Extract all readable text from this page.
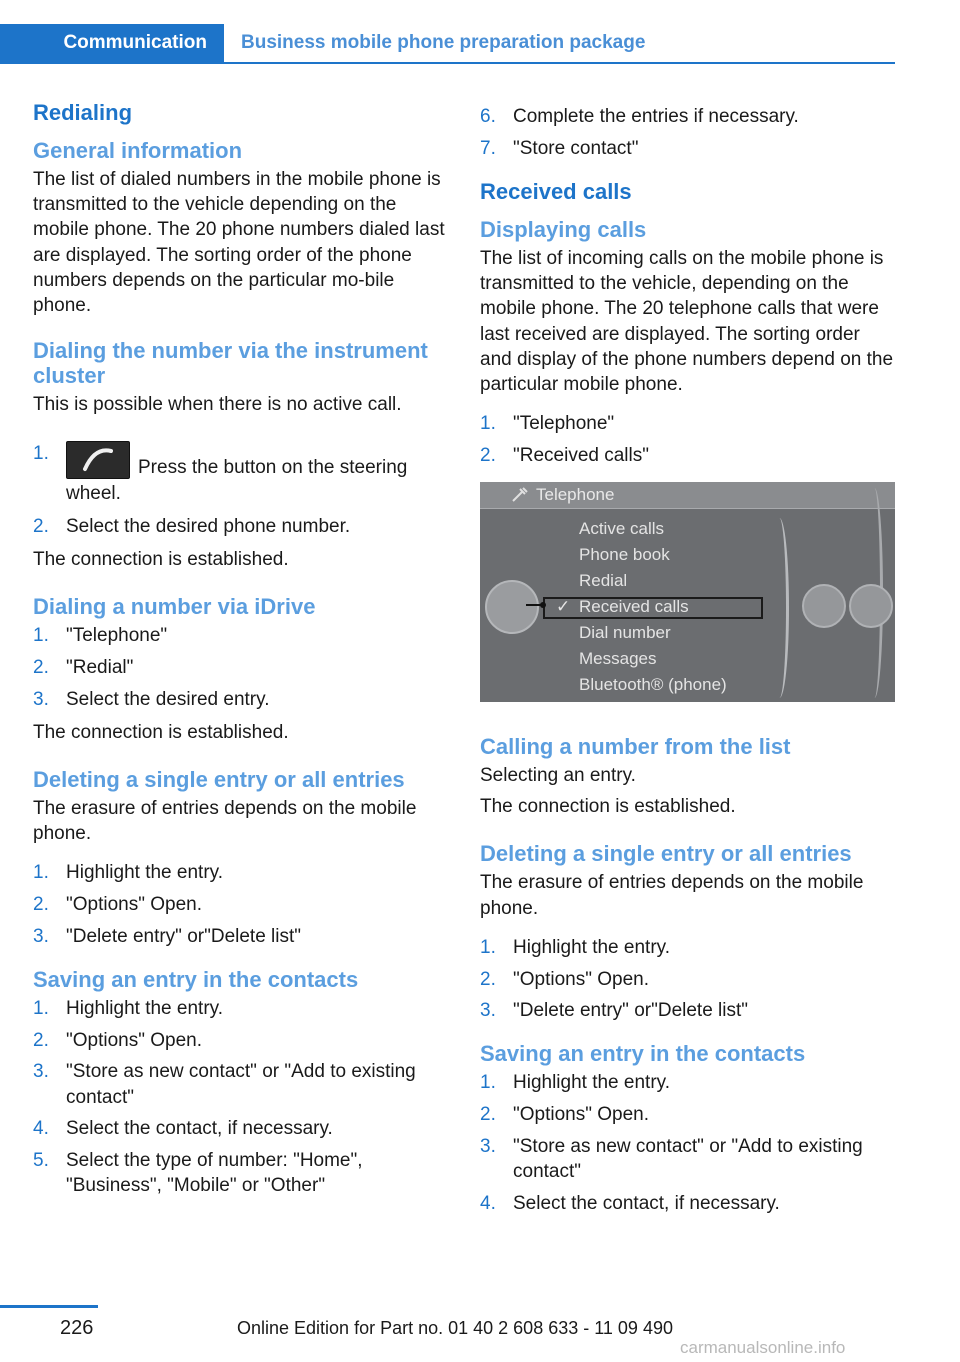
Communication Business mobile phone preparation package
Redialing
General information

The list of dialed numbers in the mobile phone is transmitted to the vehicle depending on the mobile phone. The 20 phone numbers dialed last are displayed. The sorting order of the phone numbers depends on the particular mo‐bile phone.

Dialing the number via the instrument cluster

This is possible when there is no active call.

1.
Press the button on the steering wheel.
2. Select the desired phone number.

The connection is established.

Dialing a number via iDrive
1. "Telephone"
2. "Redial"
3. Select the desired entry.

The connection is established.

Deleting a single entry or all entries

The erasure of entries depends on the mobile phone.

1. Highlight the entry.
2. "Options" Open.
3. "Delete entry" or"Delete list"
Saving an entry in the contacts
1. Highlight the entry.
2. "Options" Open.
3. "Store as new contact" or "Add to existing contact"
4. Select the contact, if necessary.
5. Select the type of number: "Home", "Business", "Mobile" or "Other"
6. Complete the entries if necessary.
7. "Store contact"
Received calls
Displaying calls

The list of incoming calls on the mobile phone is transmitted to the vehicle, depending on the mobile phone. The 20 telephone calls that were last received are displayed. The sorting order and display of the phone numbers depend on the particular mobile phone.

1. "Telephone"
2. "Received calls"
Telephone
Active calls
Phone book
Redial
✓ Received calls
Dial number
Messages
Bluetooth® (phone)
Calling a number from the list

Selecting an entry.

The connection is established.

Deleting a single entry or all entries

The erasure of entries depends on the mobile phone.

1. Highlight the entry.
2. "Options" Open.
3. "Delete entry" or"Delete list"
Saving an entry in the contacts
1. Highlight the entry.
2. "Options" Open.
3. "Store as new contact" or "Add to existing contact"
4. Select the contact, if necessary.
226	Online Edition for Part no. 01 40 2 608 633 - 11 09 490
carmanualsonline.info
